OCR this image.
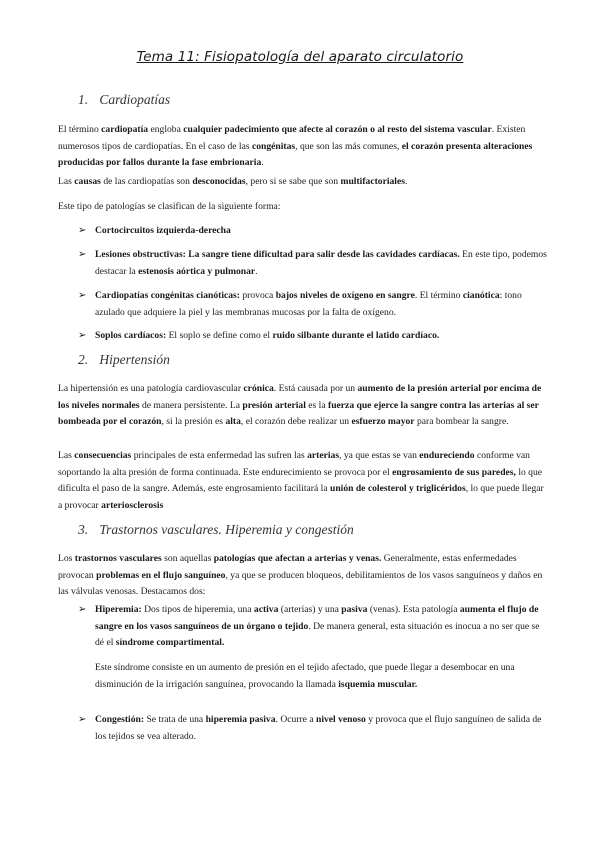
Tema 11: Fisiopatología del aparato circulatorio
1. Cardiopatías
El término cardiopatía engloba cualquier padecimiento que afecte al corazón o al resto del sistema vascular. Existen numerosos tipos de cardiopatías. En el caso de las congénitas, que son las más comunes, el corazón presenta alteraciones producidas por fallos durante la fase embrionaria.
Las causas de las cardiopatías son desconocidas, pero si se sabe que son multifactoriales.
Este tipo de patologías se clasifican de la siguiente forma:
➢ Cortocircuitos izquierda-derecha
➢ Lesiones obstructivas: La sangre tiene dificultad para salir desde las cavidades cardíacas. En este tipo, podemos destacar la estenosis aórtica y pulmonar.
➢ Cardiopatías congénitas cianóticas: provoca bajos niveles de oxígeno en sangre. El término cianótica: tono azulado que adquiere la piel y las membranas mucosas por la falta de oxígeno.
➢ Soplos cardíacos: El soplo se define como el ruido silbante durante el latido cardíaco.
2. Hipertensión
La hipertensión es una patología cardiovascular crónica. Está causada por un aumento de la presión arterial por encima de los niveles normales de manera persistente. La presión arterial es la fuerza que ejerce la sangre contra las arterias al ser bombeada por el corazón, si la presión es alta, el corazón debe realizar un esfuerzo mayor para bombear la sangre.
Las consecuencias principales de esta enfermedad las sufren las arterias, ya que estas se van endureciendo conforme van soportando la alta presión de forma continuada. Este endurecimiento se provoca por el engrosamiento de sus paredes, lo que dificulta el paso de la sangre. Además, este engrosamiento facilitará la unión de colesterol y triglicéridos, lo que puede llegar a provocar arteriosclerosis
3. Trastornos vasculares. Hiperemia y congestión
Los trastornos vasculares son aquellas patologías que afectan a arterias y venas. Generalmente, estas enfermedades provocan problemas en el flujo sanguíneo, ya que se producen bloqueos, debilitamientos de los vasos sanguíneos y daños en las válvulas venosas. Destacamos dos:
➢ Hiperemia: Dos tipos de hiperemia, una activa (arterias) y una pasiva (venas). Esta patología aumenta el flujo de sangre en los vasos sanguíneos de un órgano o tejido. De manera general, esta situación es inocua a no ser que se dé el síndrome compartimental.
Este síndrome consiste en un aumento de presión en el tejido afectado, que puede llegar a desembocar en una disminución de la irrigación sanguínea, provocando la llamada isquemia muscular.
➢ Congestión: Se trata de una hiperemia pasiva. Ocurre a nivel venoso y provoca que el flujo sanguíneo de salida de los tejidos se vea alterado.
